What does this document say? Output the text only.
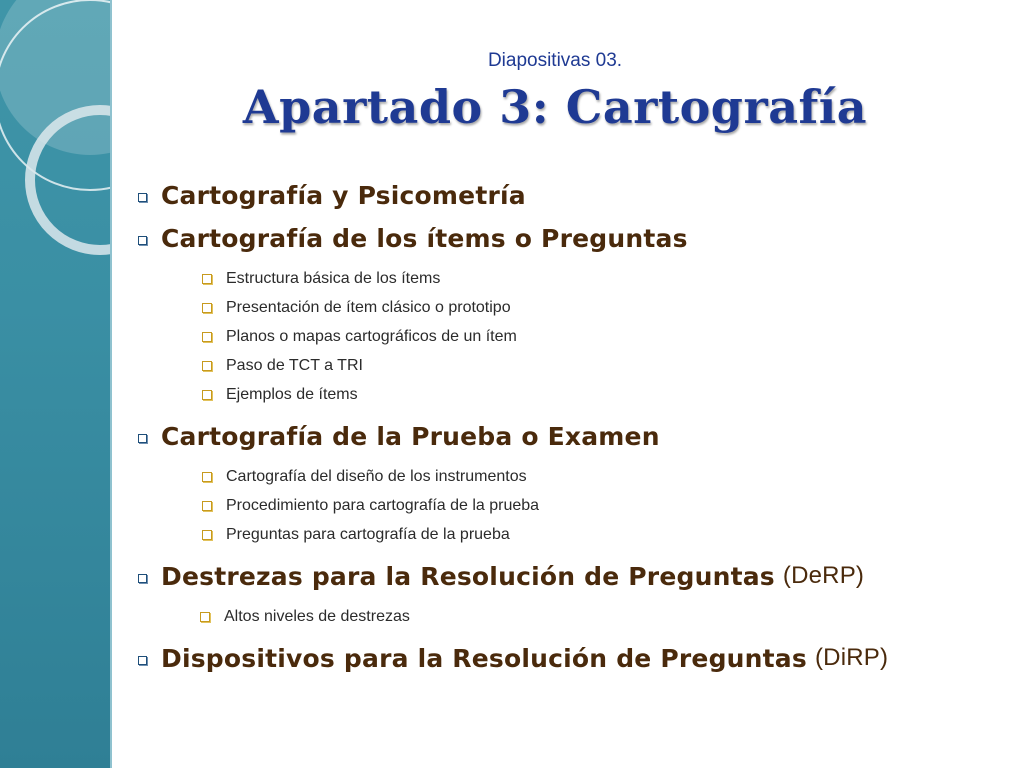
Diapositivas 03.
Apartado 3: Cartografía
Cartografía y Psicometría
Cartografía de los ítems o Preguntas
Estructura básica de los ítems
Presentación de ítem clásico o prototipo
Planos o mapas cartográficos de un ítem
Paso de TCT a TRI
Ejemplos de ítems
Cartografía de la Prueba o Examen
Cartografía del diseño de los instrumentos
Procedimiento para cartografía de la prueba
Preguntas para cartografía de la prueba
Destrezas para la Resolución de Preguntas (DeRP)
Altos niveles de destrezas
Dispositivos para la Resolución de Preguntas (DiRP)
